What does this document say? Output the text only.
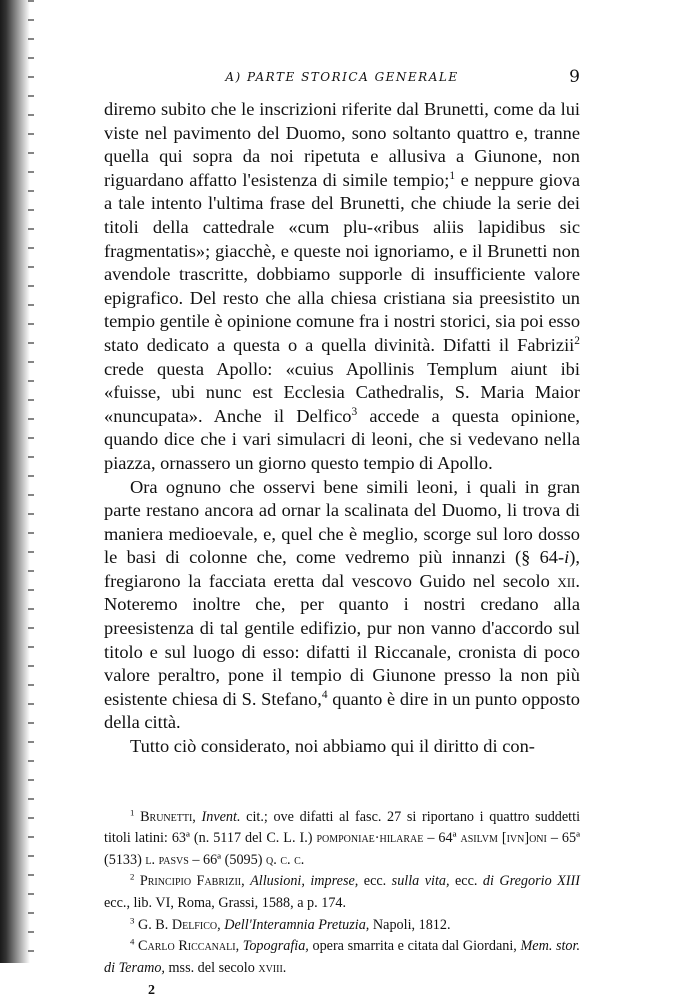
A) PARTE STORICA GENERALE	9

diremo subito che le inscrizioni riferite dal Brunetti, come da lui viste nel pavimento del Duomo, sono soltanto quattro e, tranne quella qui sopra da noi ripetuta e allusiva a Giunone, non riguardano affatto l'esistenza di simile tempio;$^1$ e neppure giova a tale intento l'ultima frase del Brunetti, che chiude la serie dei titoli della cattedrale «cum plu-«ribus aliis lapidibus sic fragmentatis»; giacchè, e queste noi ignoriamo, e il Brunetti non avendole trascritte, dobbiamo supporle di insufficiente valore epigrafico. Del resto che alla chiesa cristiana sia preesistito un tempio gentile è opinione comune fra i nostri storici, sia poi esso stato dedicato a questa o a quella divinità. Difatti il Fabrizii$^2$ crede questa Apollo: «cuius Apollinis Templum aiunt ibi «fuisse, ubi nunc est Ecclesia Cathedralis, S. Maria Maior «nuncupata». Anche il Delfico$^3$ accede a questa opinione, quando dice che i vari simulacri di leoni, che si vedevano nella piazza, ornassero un giorno questo tempio di Apollo.

Ora ognuno che osservi bene simili leoni, i quali in gran parte restano ancora ad ornar la scalinata del Duomo, li trova di maniera medioevale, e, quel che è meglio, scorge sul loro dosso le basi di colonne che, come vedremo più innanzi (§ 64-i), fregiarono la facciata eretta dal vescovo Guido nel secolo xii. Noteremo inoltre che, per quanto i nostri credano alla preesistenza di tal gentile edifizio, pur non vanno d'accordo sul titolo e sul luogo di esso: difatti il Riccanale, cronista di poco valore peraltro, pone il tempio di Giunone presso la non più esistente chiesa di S. Stefano,$^4$ quanto è dire in un punto opposto della città.

Tutto ciò considerato, noi abbiamo qui il diritto di con-

$^1$ Brunetti, Invent. cit.; ove difatti al fasc. 27 si riportano i quattro suddetti titoli latini: 63ª (n. 5117 del C. L. I.) pomponiae·hilarae – 64ª asilvm [ivn]oni – 65ª (5133) l. pasvs – 66ª (5095) q. c. c.

$^2$ Principio Fabrizii, Allusioni, imprese, ecc. sulla vita, ecc. di Gregorio XIII ecc., lib. VI, Roma, Grassi, 1588, a p. 174.

$^3$ G. B. Delfico, Dell'Interamnia Pretuzia, Napoli, 1812.

$^4$ Carlo Riccanali, Topografia, opera smarrita e citata dal Giordani, Mem. stor. di Teramo, mss. del secolo xviii.

2
